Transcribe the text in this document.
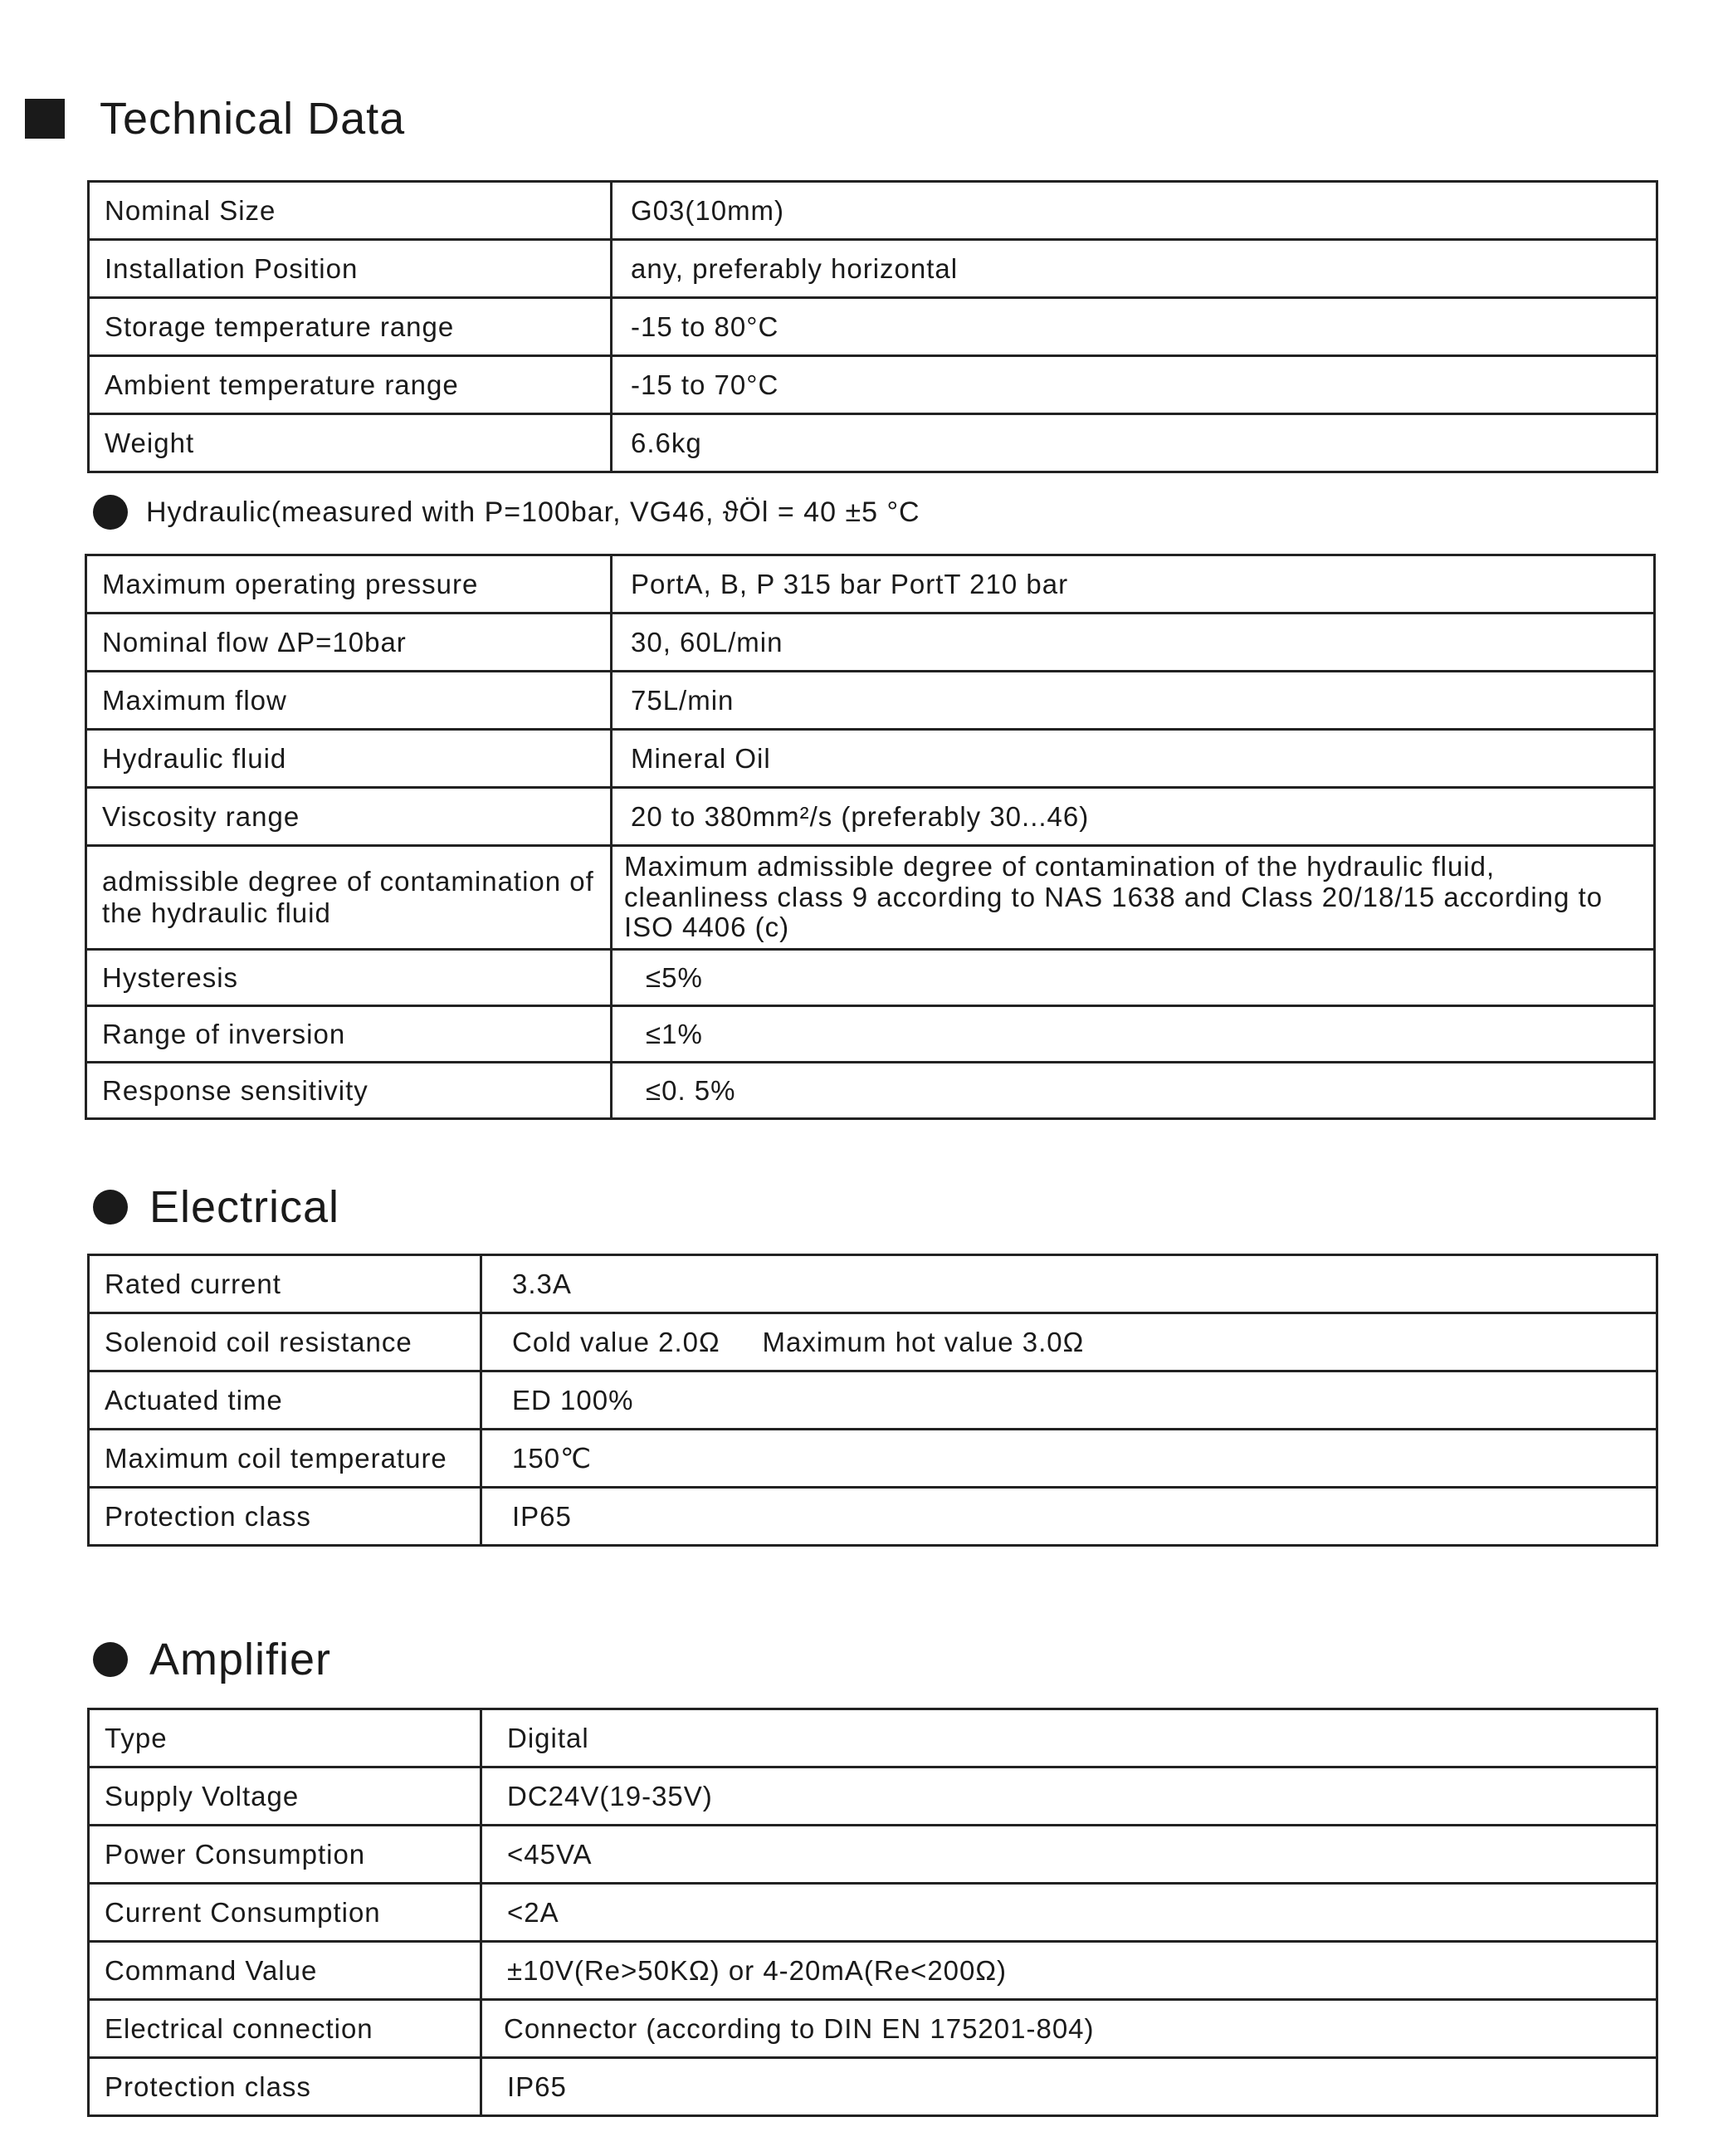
Technical Data
Nominal Size	G03(10mm)
Installation Position	any, preferably horizontal
Storage temperature range	-15 to 80°C
Ambient temperature range	-15 to 70°C
Weight	6.6kg
Hydraulic(measured with P=100bar, VG46, ϑÖl = 40 ±5 °C
Maximum operating pressure	PortA, B, P 315 bar PortT 210 bar
Nominal flow ΔP=10bar	30, 60L/min
Maximum flow	75L/min
Hydraulic fluid	Mineral Oil
Viscosity range	20 to 380mm²/s (preferably 30...46)
admissible degree of contamination of the hydraulic fluid	Maximum admissible degree of contamination of the hydraulic fluid, cleanliness class 9 according to NAS 1638 and Class 20/18/15 according to ISO 4406 (c)
Hysteresis	≤5%
Range of inversion	≤1%
Response sensitivity	≤0. 5%
Electrical
Rated current	3.3A
Solenoid coil resistance	Cold value 2.0Ω     Maximum hot value 3.0Ω
Actuated time	ED 100%
Maximum coil temperature	150℃
Protection class	IP65
Amplifier
Type	Digital
Supply Voltage	DC24V(19-35V)
Power Consumption	<45VA
Current Consumption	<2A
Command Value	±10V(Re>50KΩ) or 4-20mA(Re<200Ω)
Electrical connection	Connector (according to DIN EN 175201-804)
Protection class	IP65
